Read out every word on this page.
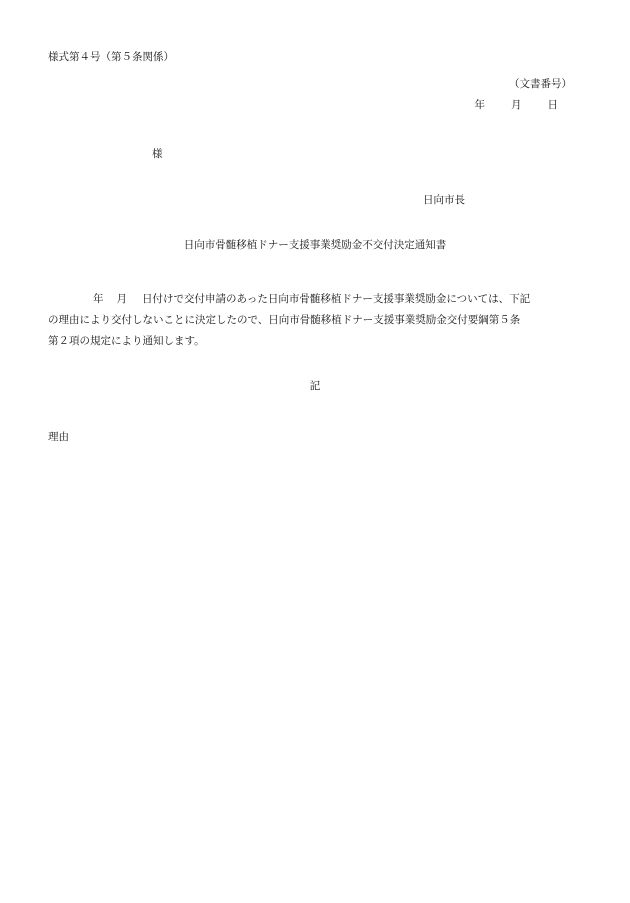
様式第４号（第５条関係）
（文書番号）
年 月 日
様
日向市長
日向市骨髄移植ドナー支援事業奨励金不交付決定通知書
年 月 日付けで交付申請のあった日向市骨髄移植ドナー支援事業奨励金については、下記
の理由により交付しないことに決定したので、日向市骨髄移植ドナー支援事業奨励金交付要綱第５条
第２項の規定により通知します。
記
理由
